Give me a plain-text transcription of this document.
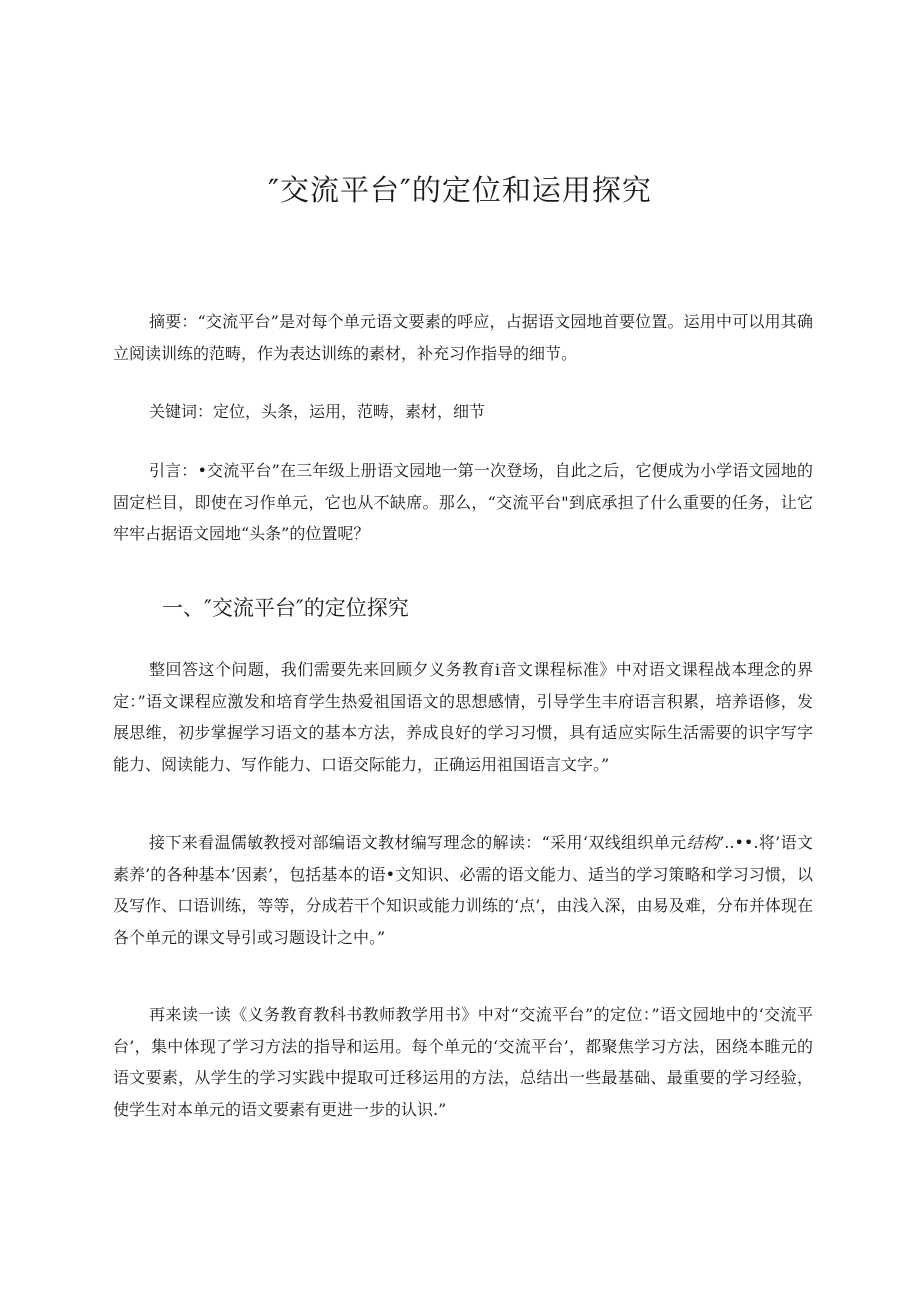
″交流平台″的定位和运用探究

摘要：“交流平台”是对每个单元语文要素的呼应，占据语文园地首要位置。运用中可以用其确立阅读训练的范畴，作为表达训练的素材，补充习作指导的细节。

关键词：定位，头条，运用，范畴，素材，细节

引言：•交流平台”在三年级上册语文园地一第一次登场，自此之后，它便成为小学语文园地的固定栏目，即使在习作单元，它也从不缺席。那么，“交流平台"到底承担了什么重要的任务，让它牢牢占据语文园地“头条”的位置呢？

一、″交流平台″的定位探究

整回答这个问题，我们需要先来回顾夕义务教育i音文课程标准》中对语文课程战本理念的界定：”语文课程应激发和培育学生热爱祖国语文的思想感情，引导学生丰府语言积累，培养语修，发展思维，初步掌握学习语文的基本方法，养成良好的学习习惯，具有适应实际生活需要的识字写字能力、阅读能力、写作能力、口语交际能力，正确运用祖国语言文字。”

接下来看温儒敏教授对部编语文教材编写理念的解读：“采用‘双线组织单元结构’..••.将’语文素养’的各种基本’因素’，包括基本的语•文知识、必需的语文能力、适当的学习策略和学习习惯，以及写作、口语训练，等等，分成若干个知识或能力训练的‘点’，由浅入深，由易及难，分布并体现在各个单元的课文导引或习题设计之中。”

再来读一读《义务教育教科书教师教学用书》中对“交流平台”的定位：”语文园地中的‘交流平台’，集中体现了学习方法的指导和运用。每个单元的‘交流平台’，都聚焦学习方法，困绕本睢元的语文要素，从学生的学习实践中提取可迁移运用的方法，总结出一些最基础、最重要的学习经验，使学生对本单元的语文要素有更进一步的认识.”
